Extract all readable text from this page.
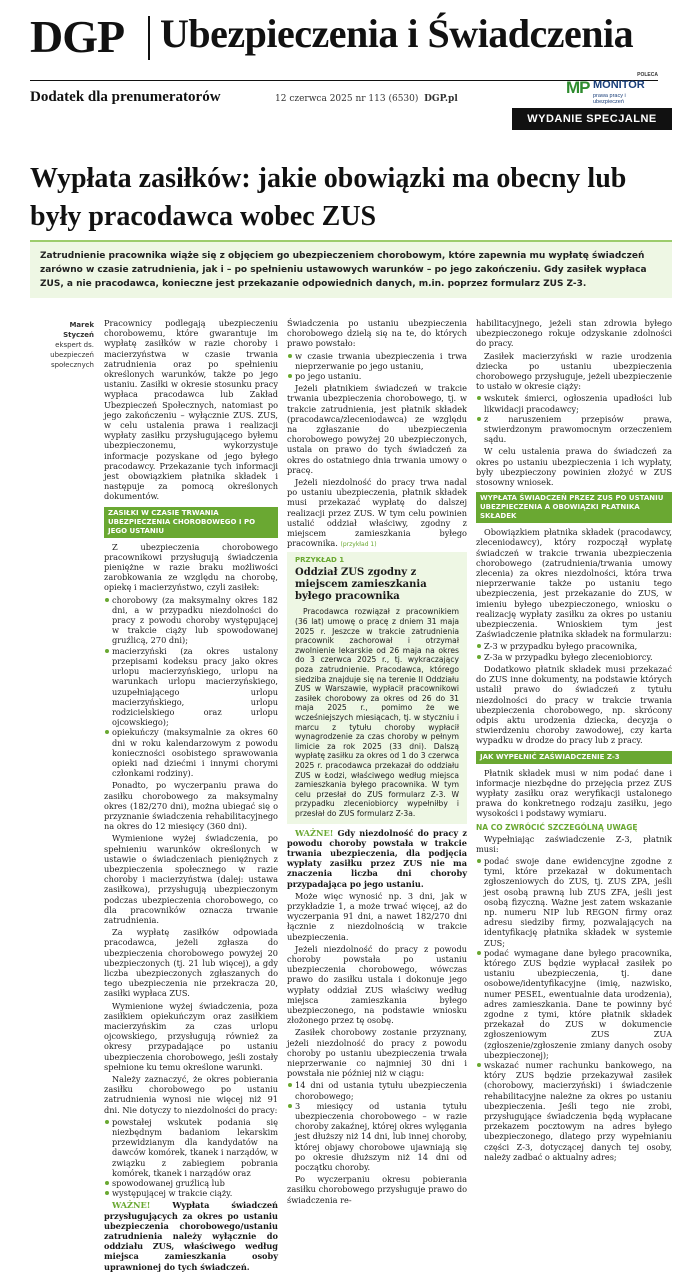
DGP Ubezpieczenia i Świadczenia
Dodatek dla prenumeratorów	12 czerwca 2025 nr 113 (6530) DGP.pl
POLECA
MP MONITOR
prawa pracy i ubezpieczeń
WYDANIE SPECJALNE
Wypłata zasiłków: jakie obowiązki ma obecny lub były pracodawca wobec ZUS
Zatrudnienie pracownika wiąże się z objęciem go ubezpieczeniem chorobowym, które zapewnia mu wypłatę świadczeń zarówno w czasie zatrudnienia, jak i – po spełnieniu ustawowych warunków – po jego zakończeniu. Gdy zasiłek wypłaca ZUS, a nie pracodawca, konieczne jest przekazanie odpowiednich danych, m.in. poprzez formularz ZUS Z-3.
Marek Styczeń
ekspert ds. ubezpieczeń społecznych

Pracownicy podlegają ubezpieczeniu chorobowemu, które gwarantuje im wypłatę zasiłków w razie choroby i macierzyństwa w czasie trwania zatrudnienia oraz po spełnieniu określonych warunków, także po jego ustaniu. Zasiłki w okresie stosunku pracy wypłaca pracodawca lub Zakład Ubezpieczeń Społecznych, natomiast po jego zakończeniu – wyłącznie ZUS. ZUS, w celu ustalenia prawa i realizacji wypłaty zasiłku przysługującego byłemu ubezpieczonemu, wykorzystuje informacje pozyskane od jego byłego pracodawcy. Przekazanie tych informacji jest obowiązkiem płatnika składek i następuje za pomocą określonych dokumentów.

ZASIŁKI W CZASIE TRWANIA UBEZPIECZENIA CHOROBOWEGO I PO JEGO USTANIU

Z ubezpieczenia chorobowego pracownikowi przysługują świadczenia pieniężne w razie braku możliwości zarobkowania ze względu na chorobę, opiekę i macierzyństwo, czyli zasiłek:

chorobowy (za maksymalny okres 182 dni, a w przypadku niezdolności do pracy z powodu choroby występującej w trakcie ciąży lub spowodowanej gruźlicą, 270 dni);
macierzyński (za okres ustalony przepisami kodeksu pracy jako okres urlopu macierzyńskiego, urlopu na warunkach urlopu macierzyńskiego, uzupełniającego urlopu macierzyńskiego, urlopu rodzicielskiego oraz urlopu ojcowskiego);
opiekuńczy (maksymalnie za okres 60 dni w roku kalendarzowym z powodu konieczności osobistego sprawowania opieki nad dziećmi i innymi chorymi członkami rodziny).

Ponadto, po wyczerpaniu prawa do zasiłku chorobowego za maksymalny okres (182/270 dni), można ubiegać się o przyznanie świadczenia rehabilitacyjnego na okres do 12 miesięcy (360 dni).

Wymienione wyżej świadczenia, po spełnieniu warunków określonych w ustawie o świadczeniach pieniężnych z ubezpieczenia społecznego w razie choroby i macierzyństwa (dalej: ustawa zasiłkowa), przysługują ubezpieczonym podczas ubezpieczenia chorobowego, co dla pracowników oznacza trwanie zatrudnienia.

Za wypłatę zasiłków odpowiada pracodawca, jeżeli zgłasza do ubezpieczenia chorobowego powyżej 20 ubezpieczonych (tj. 21 lub więcej), a gdy liczba ubezpieczonych zgłaszanych do tego ubezpieczenia nie przekracza 20, zasiłki wypłaca ZUS.

Wymienione wyżej świadczenia, poza zasiłkiem opiekuńczym oraz zasiłkiem macierzyńskim za czas urlopu ojcowskiego, przysługują również za okresy przypadające po ustaniu ubezpieczenia chorobowego, jeśli zostały spełnione ku temu określone warunki.

Należy zaznaczyć, że okres pobierania zasiłku chorobowego po ustaniu zatrudnienia wynosi nie więcej niż 91 dni. Nie dotyczy to niezdolności do pracy:

powstałej wskutek podania się niezbędnym badaniom lekarskim przewidzianym dla kandydatów na dawców komórek, tkanek i narządów, w związku z zabiegiem pobrania komórek, tkanek i narządów oraz
spowodowanej gruźlicą lub
występującej w trakcie ciąży.

WAŻNE!	Wypłata świadczeń przysługujących za okres po ustaniu ubezpieczenia chorobowego/ustaniu zatrudnienia należy wyłącznie do oddziału ZUS, właściwego według miejsca zamieszkania osoby uprawnionej do tych świadczeń.

Świadczenia po ustaniu ubezpieczenia chorobowego dzielą się na te, do których prawo powstało:

w czasie trwania ubezpieczenia i trwa nieprzerwanie po jego ustaniu,
po jego ustaniu.

Jeżeli płatnikiem świadczeń w trakcie trwania ubezpieczenia chorobowego, tj. w trakcie zatrudnienia, jest płatnik składek (pracodawca/zleceniodawca) ze względu na zgłaszanie do ubezpieczenia chorobowego powyżej 20 ubezpieczonych, ustala on prawo do tych świadczeń za okres do ostatniego dnia trwania umowy o pracę.

Jeżeli niezdolność do pracy trwa nadal po ustaniu ubezpieczenia, płatnik składek musi przekazać wypłatę do dalszej realizacji przez ZUS. W tym celu powinien ustalić oddział właściwy, zgodny z miejscem zamieszkania byłego pracownika. (przykład 1)

PRZYKŁAD 1
Oddział ZUS zgodny z miejscem zamieszkania byłego pracownika
Pracodawca rozwiązał z pracownikiem (36 lat) umowę o pracę z dniem 31 maja 2025 r. Jeszcze w trakcie zatrudnienia pracownik zachorował i otrzymał zwolnienie lekarskie od 26 maja na okres do 3 czerwca 2025 r., tj. wykraczający poza zatrudnienie. Pracodawca, którego siedziba znajduje się na terenie II Oddziału ZUS w Warszawie, wypłacił pracownikowi zasiłek chorobowy za okres od 26 do 31 maja 2025 r., pomimo że we wcześniejszych miesiącach, tj. w styczniu i marcu z tytułu choroby wypłacił wynagrodzenie za czas choroby w pełnym limicie za rok 2025 (33 dni). Dalszą wypłatę zasiłku za okres od 1 do 3 czerwca 2025 r. pracodawca przekazał do oddziału ZUS w Łodzi, właściwego według miejsca zamieszkania byłego pracownika. W tym celu przesłał do ZUS formularz Z-3. W przypadku zleceniobiorcy wypełniłby i przesłał do ZUS formularz Z-3a.

WAŻNE! Gdy niezdolność do pracy z powodu choroby powstała w trakcie trwania ubezpieczenia, dla podjęcia wypłaty zasiłku przez ZUS nie ma znaczenia liczba dni choroby przypadająca po jego ustaniu.

Może więc wynosić np. 3 dni, jak w przykładzie 1, a może trwać więcej, aż do wyczerpania 91 dni, a nawet 182/270 dni łącznie z niezdolnością w trakcie ubezpieczenia.

Jeżeli niezdolność do pracy z powodu choroby powstała po ustaniu ubezpieczenia chorobowego, wówczas prawo do zasiłku ustala i dokonuje jego wypłaty oddział ZUS właściwy według miejsca zamieszkania byłego ubezpieczonego, na podstawie wniosku złożonego przez tę osobę.

Zasiłek chorobowy zostanie przyznany, jeżeli niezdolność do pracy z powodu choroby po ustaniu ubezpieczenia trwała nieprzerwanie co najmniej 30 dni i powstała nie później niż w ciągu:

14 dni od ustania tytułu ubezpieczenia chorobowego;
3 miesięcy od ustania tytułu ubezpieczenia chorobowego – w razie choroby zakaźnej, której okres wylęgania jest dłuższy niż 14 dni, lub innej choroby, której objawy chorobowe ujawniają się po okresie dłuższym niż 14 dni od początku choroby.

Po wyczerpaniu okresu pobierania zasiłku chorobowego przysługuje prawo do świadczenia re-

habilitacyjnego, jeżeli stan zdrowia byłego ubezpieczonego rokuje odzyskanie zdolności do pracy.

Zasiłek macierzyński w razie urodzenia dziecka po ustaniu ubezpieczenia chorobowego przysługuje, jeżeli ubezpieczenie to ustało w okresie ciąży:

wskutek śmierci, ogłoszenia upadłości lub likwidacji pracodawcy;
z naruszeniem przepisów prawa, stwierdzonym prawomocnym orzeczeniem sądu.

W celu ustalenia prawa do świadczeń za okres po ustaniu ubezpieczenia i ich wypłaty, były ubezpieczony powinien złożyć w ZUS stosowny wniosek.

WYPŁATA ŚWIADCZEŃ PRZEZ ZUS PO USTANIU UBEZPIECZENIA A OBOWIĄZKI PŁATNIKA SKŁADEK

Obowiązkiem płatnika składek (pracodawcy, zleceniodawcy), który rozpoczął wypłatę świadczeń w trakcie trwania ubezpieczenia chorobowego (zatrudnienia/trwania umowy zlecenia) za okres niezdolności, która trwa nieprzerwanie także po ustaniu tego ubezpieczenia, jest przekazanie do ZUS, w imieniu byłego ubezpieczonego, wniosku o realizację wypłaty zasiłku za okres po ustaniu ubezpieczenia. Wnioskiem tym jest Zaświadczenie płatnika składek na formularzu:

Z-3 w przypadku byłego pracownika,
Z-3a w przypadku byłego zleceniobiorcy.

Dodatkowo płatnik składek musi przekazać do ZUS inne dokumenty, na podstawie których ustalił prawo do świadczeń z tytułu niezdolności do pracy w trakcie trwania ubezpieczenia chorobowego, np. skrócony odpis aktu urodzenia dziecka, decyzja o stwierdzeniu choroby zawodowej, czy karta wypadku w drodze do pracy lub z pracy.

JAK WYPEŁNIĆ ZAŚWIADCZENIE Z-3

Płatnik składek musi w nim podać dane i informacje niezbędne do przejęcia przez ZUS wypłaty zasiłku oraz weryfikacji ustalonego prawa do konkretnego rodzaju zasiłku, jego wysokości i podstawy wymiaru.

NA CO ZWRÓCIĆ SZCZEGÓLNĄ UWAGĘ

Wypełniając zaświadczenie Z-3, płatnik musi:

podać swoje dane ewidencyjne zgodne z tymi, które przekazał w dokumentach zgłoszeniowych do ZUS, tj. ZUS ZPA, jeśli jest osobą prawną lub ZUS ZFA, jeśli jest osobą fizyczną. Ważne jest zatem wskazanie np. numeru NIP lub REGON firmy oraz adresu siedziby firmy, pozwalających na identyfikację płatnika składek w systemie ZUS;
podać wymagane dane byłego pracownika, którego ZUS będzie wypłacał zasiłek po ustaniu ubezpieczenia, tj. dane osobowe/identyfikacyjne (imię, nazwisko, numer PESEL, ewentualnie data urodzenia), adres zamieszkania. Dane te powinny być zgodne z tymi, które płatnik składek przekazał do ZUS w dokumencie zgłoszeniowym ZUS ZUA (zgłoszenie/zgłoszenie zmiany danych osoby ubezpieczonej);
wskazać numer rachunku bankowego, na który ZUS będzie przekazywał zasiłek (chorobowy, macierzyński) i świadczenie rehabilitacyjne należne za okres po ustaniu ubezpieczenia. Jeśli tego nie zrobi, przysługujące świadczenia będą wypłacane przekazem pocztowym na adres byłego ubezpieczonego, dlatego przy wypełnianiu części Z-3, dotyczącej danych tej osoby, należy zadbać o aktualny adres;
